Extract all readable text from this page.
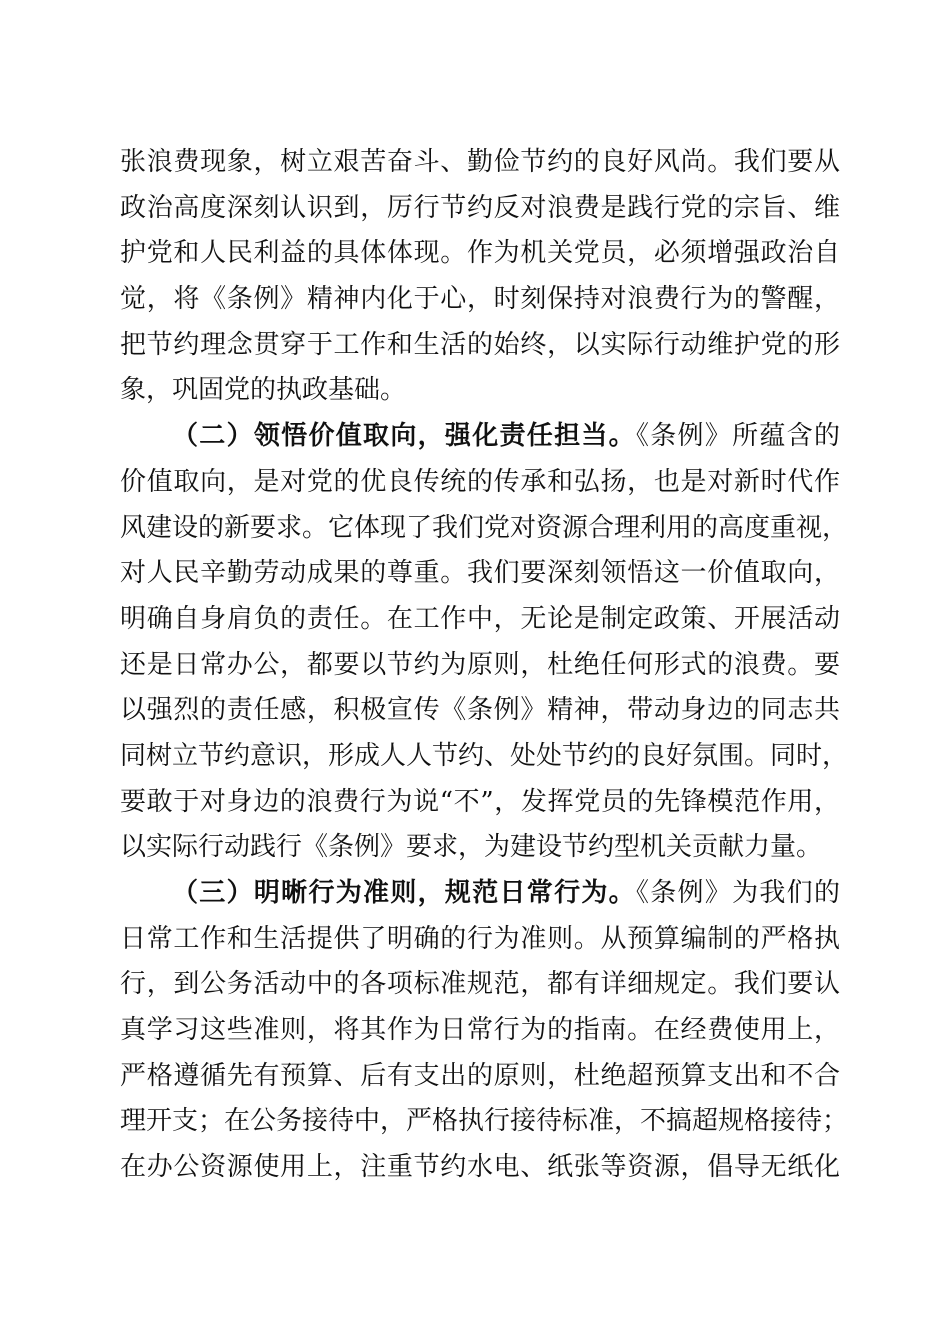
张浪费现象，树立艰苦奋斗、勤俭节约的良好风尚。我们要从
政治高度深刻认识到，厉行节约反对浪费是践行党的宗旨、维
护党和人民利益的具体体现。作为机关党员，必须增强政治自
觉，将《条例》精神内化于心，时刻保持对浪费行为的警醒，
把节约理念贯穿于工作和生活的始终，以实际行动维护党的形
象，巩固党的执政基础。
（二）领悟价值取向，强化责任担当。《条例》所蕴含的
价值取向，是对党的优良传统的传承和弘扬，也是对新时代作
风建设的新要求。它体现了我们党对资源合理利用的高度重视，
对人民辛勤劳动成果的尊重。我们要深刻领悟这一价值取向，
明确自身肩负的责任。在工作中，无论是制定政策、开展活动
还是日常办公，都要以节约为原则，杜绝任何形式的浪费。要
以强烈的责任感，积极宣传《条例》精神，带动身边的同志共
同树立节约意识，形成人人节约、处处节约的良好氛围。同时，
要敢于对身边的浪费行为说“不”，发挥党员的先锋模范作用，
以实际行动践行《条例》要求，为建设节约型机关贡献力量。
（三）明晰行为准则，规范日常行为。《条例》为我们的
日常工作和生活提供了明确的行为准则。从预算编制的严格执
行，到公务活动中的各项标准规范，都有详细规定。我们要认
真学习这些准则，将其作为日常行为的指南。在经费使用上，
严格遵循先有预算、后有支出的原则，杜绝超预算支出和不合
理开支；在公务接待中，严格执行接待标准，不搞超规格接待；
在办公资源使用上，注重节约水电、纸张等资源，倡导无纸化
